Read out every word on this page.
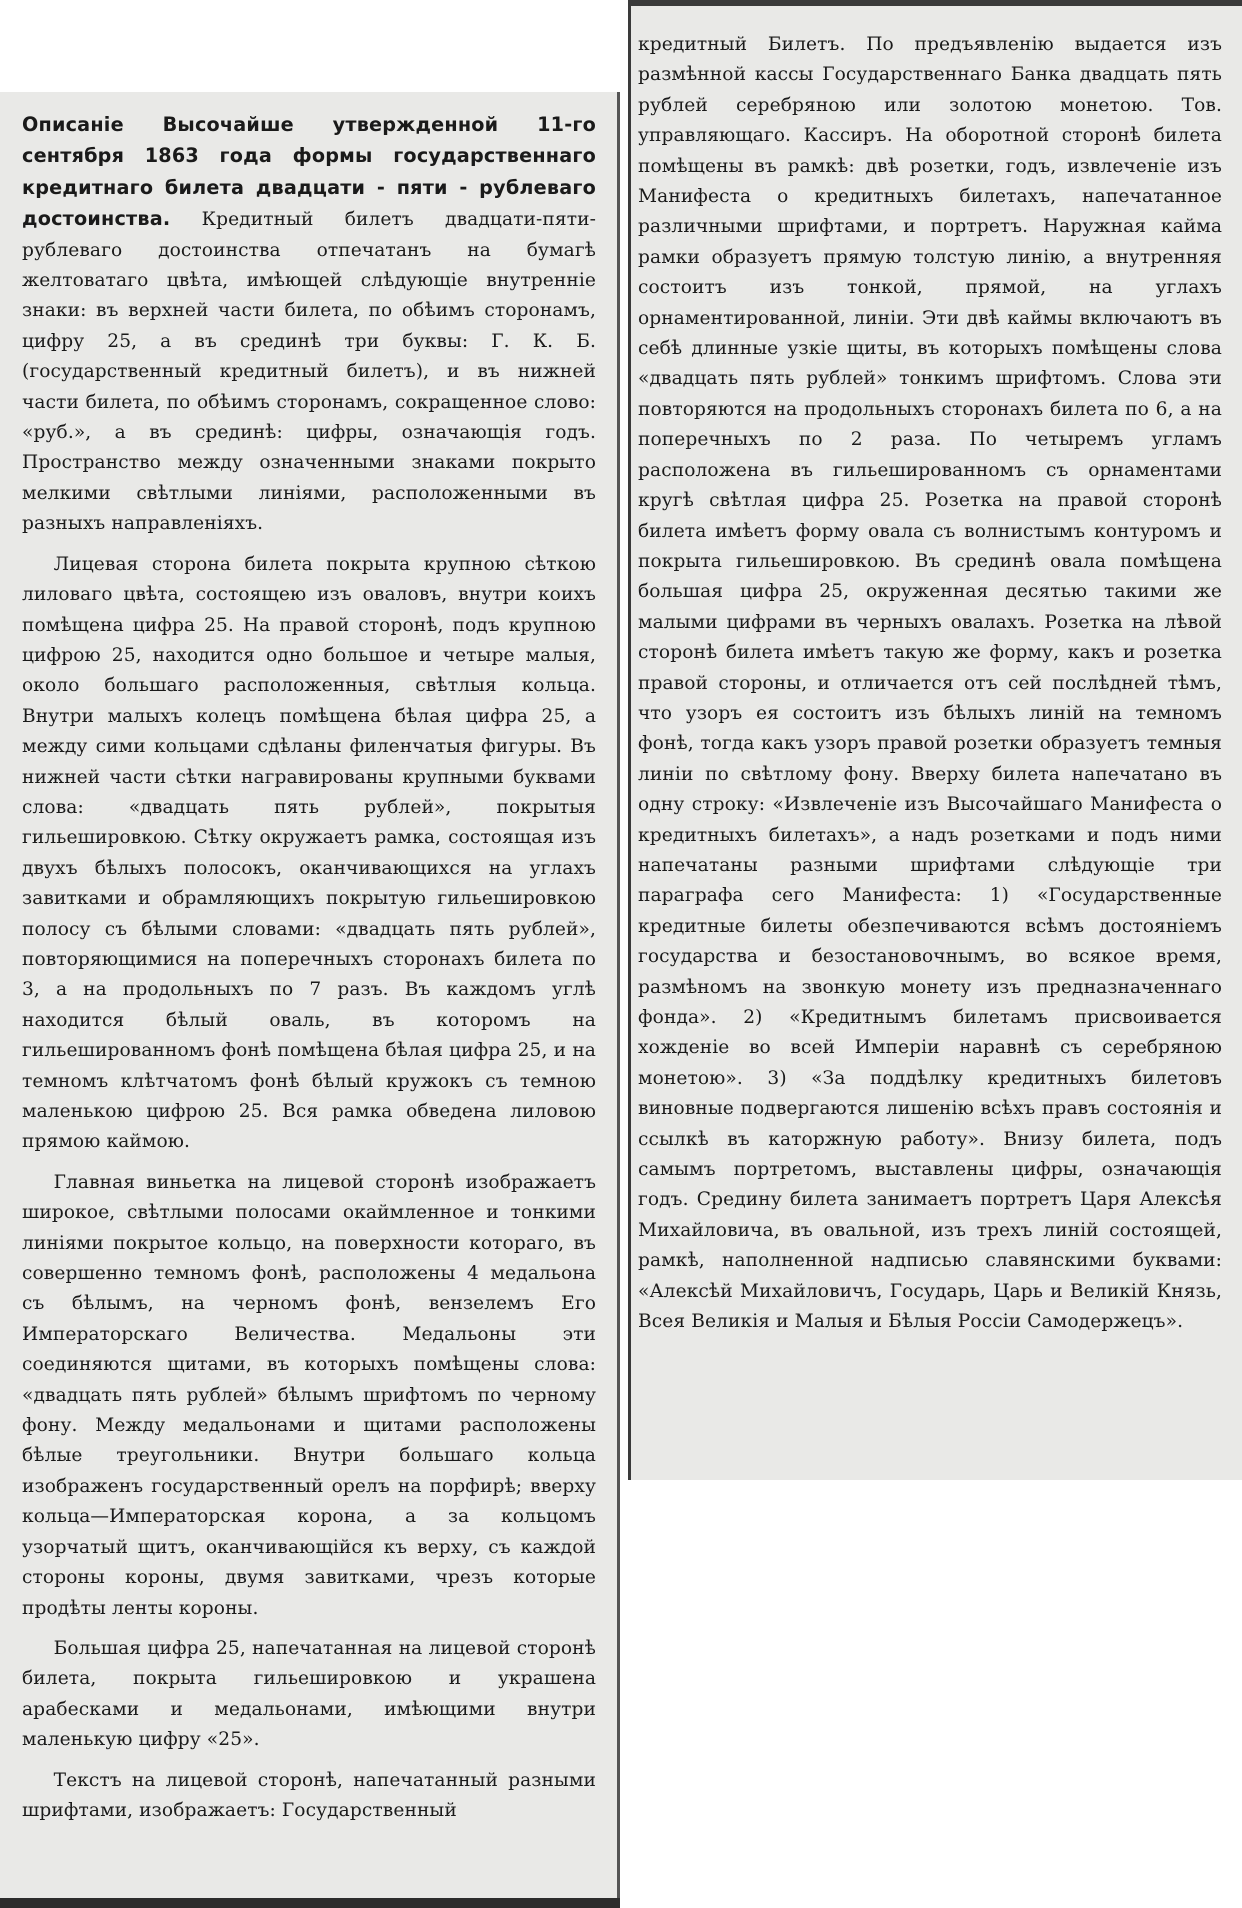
Описаніе Высочайше утвержденной 11-го сентября 1863 года формы государственнаго кредитнаго билета двадцати - пяти - рублеваго достоинства. Кредитный билетъ двадцати-пяти-рублеваго достоинства отпечатанъ на бумагѣ желтоватаго цвѣта, имѣющей слѣдующіе внутренніе знаки: въ верхней части билета, по обѣимъ сторонамъ, цифру 25, а въ срединѣ три буквы: Г. К. Б. (государственный кредитный билетъ), и въ нижней части билета, по обѣимъ сторонамъ, сокращенное слово: «руб.», а въ срединѣ: цифры, означающія годъ. Пространство между означенными знаками покрыто мелкими свѣтлыми линіями, расположенными въ разныхъ направленіяхъ.

Лицевая сторона билета покрыта крупною сѣткою лиловаго цвѣта, состоящею изъ оваловъ, внутри коихъ помѣщена цифра 25. На правой сторонѣ, подъ крупною цифрою 25, находится одно большое и четыре малыя, около большаго расположенныя, свѣтлыя кольца. Внутри малыхъ колецъ помѣщена бѣлая цифра 25, а между сими кольцами сдѣланы филенчатыя фигуры. Въ нижней части сѣтки награвированы крупными буквами слова: «двадцать пять рублей», покрытыя гильешировкою. Сѣтку окружаетъ рамка, состоящая изъ двухъ бѣлыхъ полосокъ, оканчивающихся на углахъ завитками и обрамляющихъ покрытую гильешировкою полосу съ бѣлыми словами: «двадцать пять рублей», повторяющимися на поперечныхъ сторонахъ билета по 3, а на продольныхъ по 7 разъ. Въ каждомъ углѣ находится бѣлый оваль, въ которомъ на гильешированномъ фонѣ помѣщена бѣлая цифра 25, и на темномъ клѣтчатомъ фонѣ бѣлый кружокъ съ темною маленькою цифрою 25. Вся рамка обведена лиловою прямою каймою.

Главная виньетка на лицевой сторонѣ изображаетъ широкое, свѣтлыми полосами окаймленное и тонкими линіями покрытое кольцо, на поверхности котораго, въ совершенно темномъ фонѣ, расположены 4 медальона съ бѣлымъ, на черномъ фонѣ, вензелемъ Его Императорскаго Величества. Медальоны эти соединяются щитами, въ которыхъ помѣщены слова: «двадцать пять рублей» бѣлымъ шрифтомъ по черному фону. Между медальонами и щитами расположены бѣлые треугольники. Внутри большаго кольца изображенъ государственный орелъ на порфирѣ; вверху кольца—Императорская корона, а за кольцомъ узорчатый щитъ, оканчивающійся къ верху, съ каждой стороны короны, двумя завитками, чрезъ которые продѣты ленты короны.

Большая цифра 25, напечатанная на лицевой сторонѣ билета, покрыта гильешировкою и украшена арабесками и медальонами, имѣющими внутри маленькую цифру «25».

Текстъ на лицевой сторонѣ, напечатанный разными шрифтами, изображаетъ: Государственный

кредитный Билетъ. По предъявленію выдается изъ размѣнной кассы Государственнаго Банка двадцать пять рублей серебряною или золотою монетою. Тов. управляющаго. Кассиръ. На оборотной сторонѣ билета помѣщены въ рамкѣ: двѣ розетки, годъ, извлеченіе изъ Манифеста о кредитныхъ билетахъ, напечатанное различными шрифтами, и портретъ. Наружная кайма рамки образуетъ прямую толстую линію, а внутренняя состоитъ изъ тонкой, прямой, на углахъ орнаментированной, линіи. Эти двѣ каймы включаютъ въ себѣ длинные узкіе щиты, въ которыхъ помѣщены слова «двадцать пять рублей» тонкимъ шрифтомъ. Слова эти повторяются на продольныхъ сторонахъ билета по 6, а на поперечныхъ по 2 раза. По четыремъ угламъ расположена въ гильешированномъ съ орнаментами кругѣ свѣтлая цифра 25. Розетка на правой сторонѣ билета имѣетъ форму овала съ волнистымъ контуромъ и покрыта гильешировкою. Въ срединѣ овала помѣщена большая цифра 25, окруженная десятью такими же малыми цифрами въ черныхъ овалахъ. Розетка на лѣвой сторонѣ билета имѣетъ такую же форму, какъ и розетка правой стороны, и отличается отъ сей послѣдней тѣмъ, что узоръ ея состоитъ изъ бѣлыхъ линій на темномъ фонѣ, тогда какъ узоръ правой розетки образуетъ темныя линіи по свѣтлому фону. Вверху билета напечатано въ одну строку: «Извлеченіе изъ Высочайшаго Манифеста о кредитныхъ билетахъ», а надъ розетками и подъ ними напечатаны разными шрифтами слѣдующіе три параграфа сего Манифеста: 1) «Государственные кредитные билеты обезпечиваются всѣмъ достояніемъ государства и безостановочнымъ, во всякое время, размѣномъ на звонкую монету изъ предназначеннаго фонда». 2) «Кредитнымъ билетамъ присвоивается хожденіе во всей Имперіи наравнѣ съ серебряною монетою». 3) «За поддѣлку кредитныхъ билетовъ виновные подвергаются лишенію всѣхъ правъ состоянія и ссылкѣ въ каторжную работу». Внизу билета, подъ самымъ портретомъ, выставлены цифры, означающія годъ. Средину билета занимаетъ портретъ Царя Алексѣя Михайловича, въ овальной, изъ трехъ линій состоящей, рамкѣ, наполненной надписью славянскими буквами: «Алексѣй Михайловичъ, Государь, Царь и Великій Князь, Всея Великія и Малыя и Бѣлыя Россіи Самодержецъ».
